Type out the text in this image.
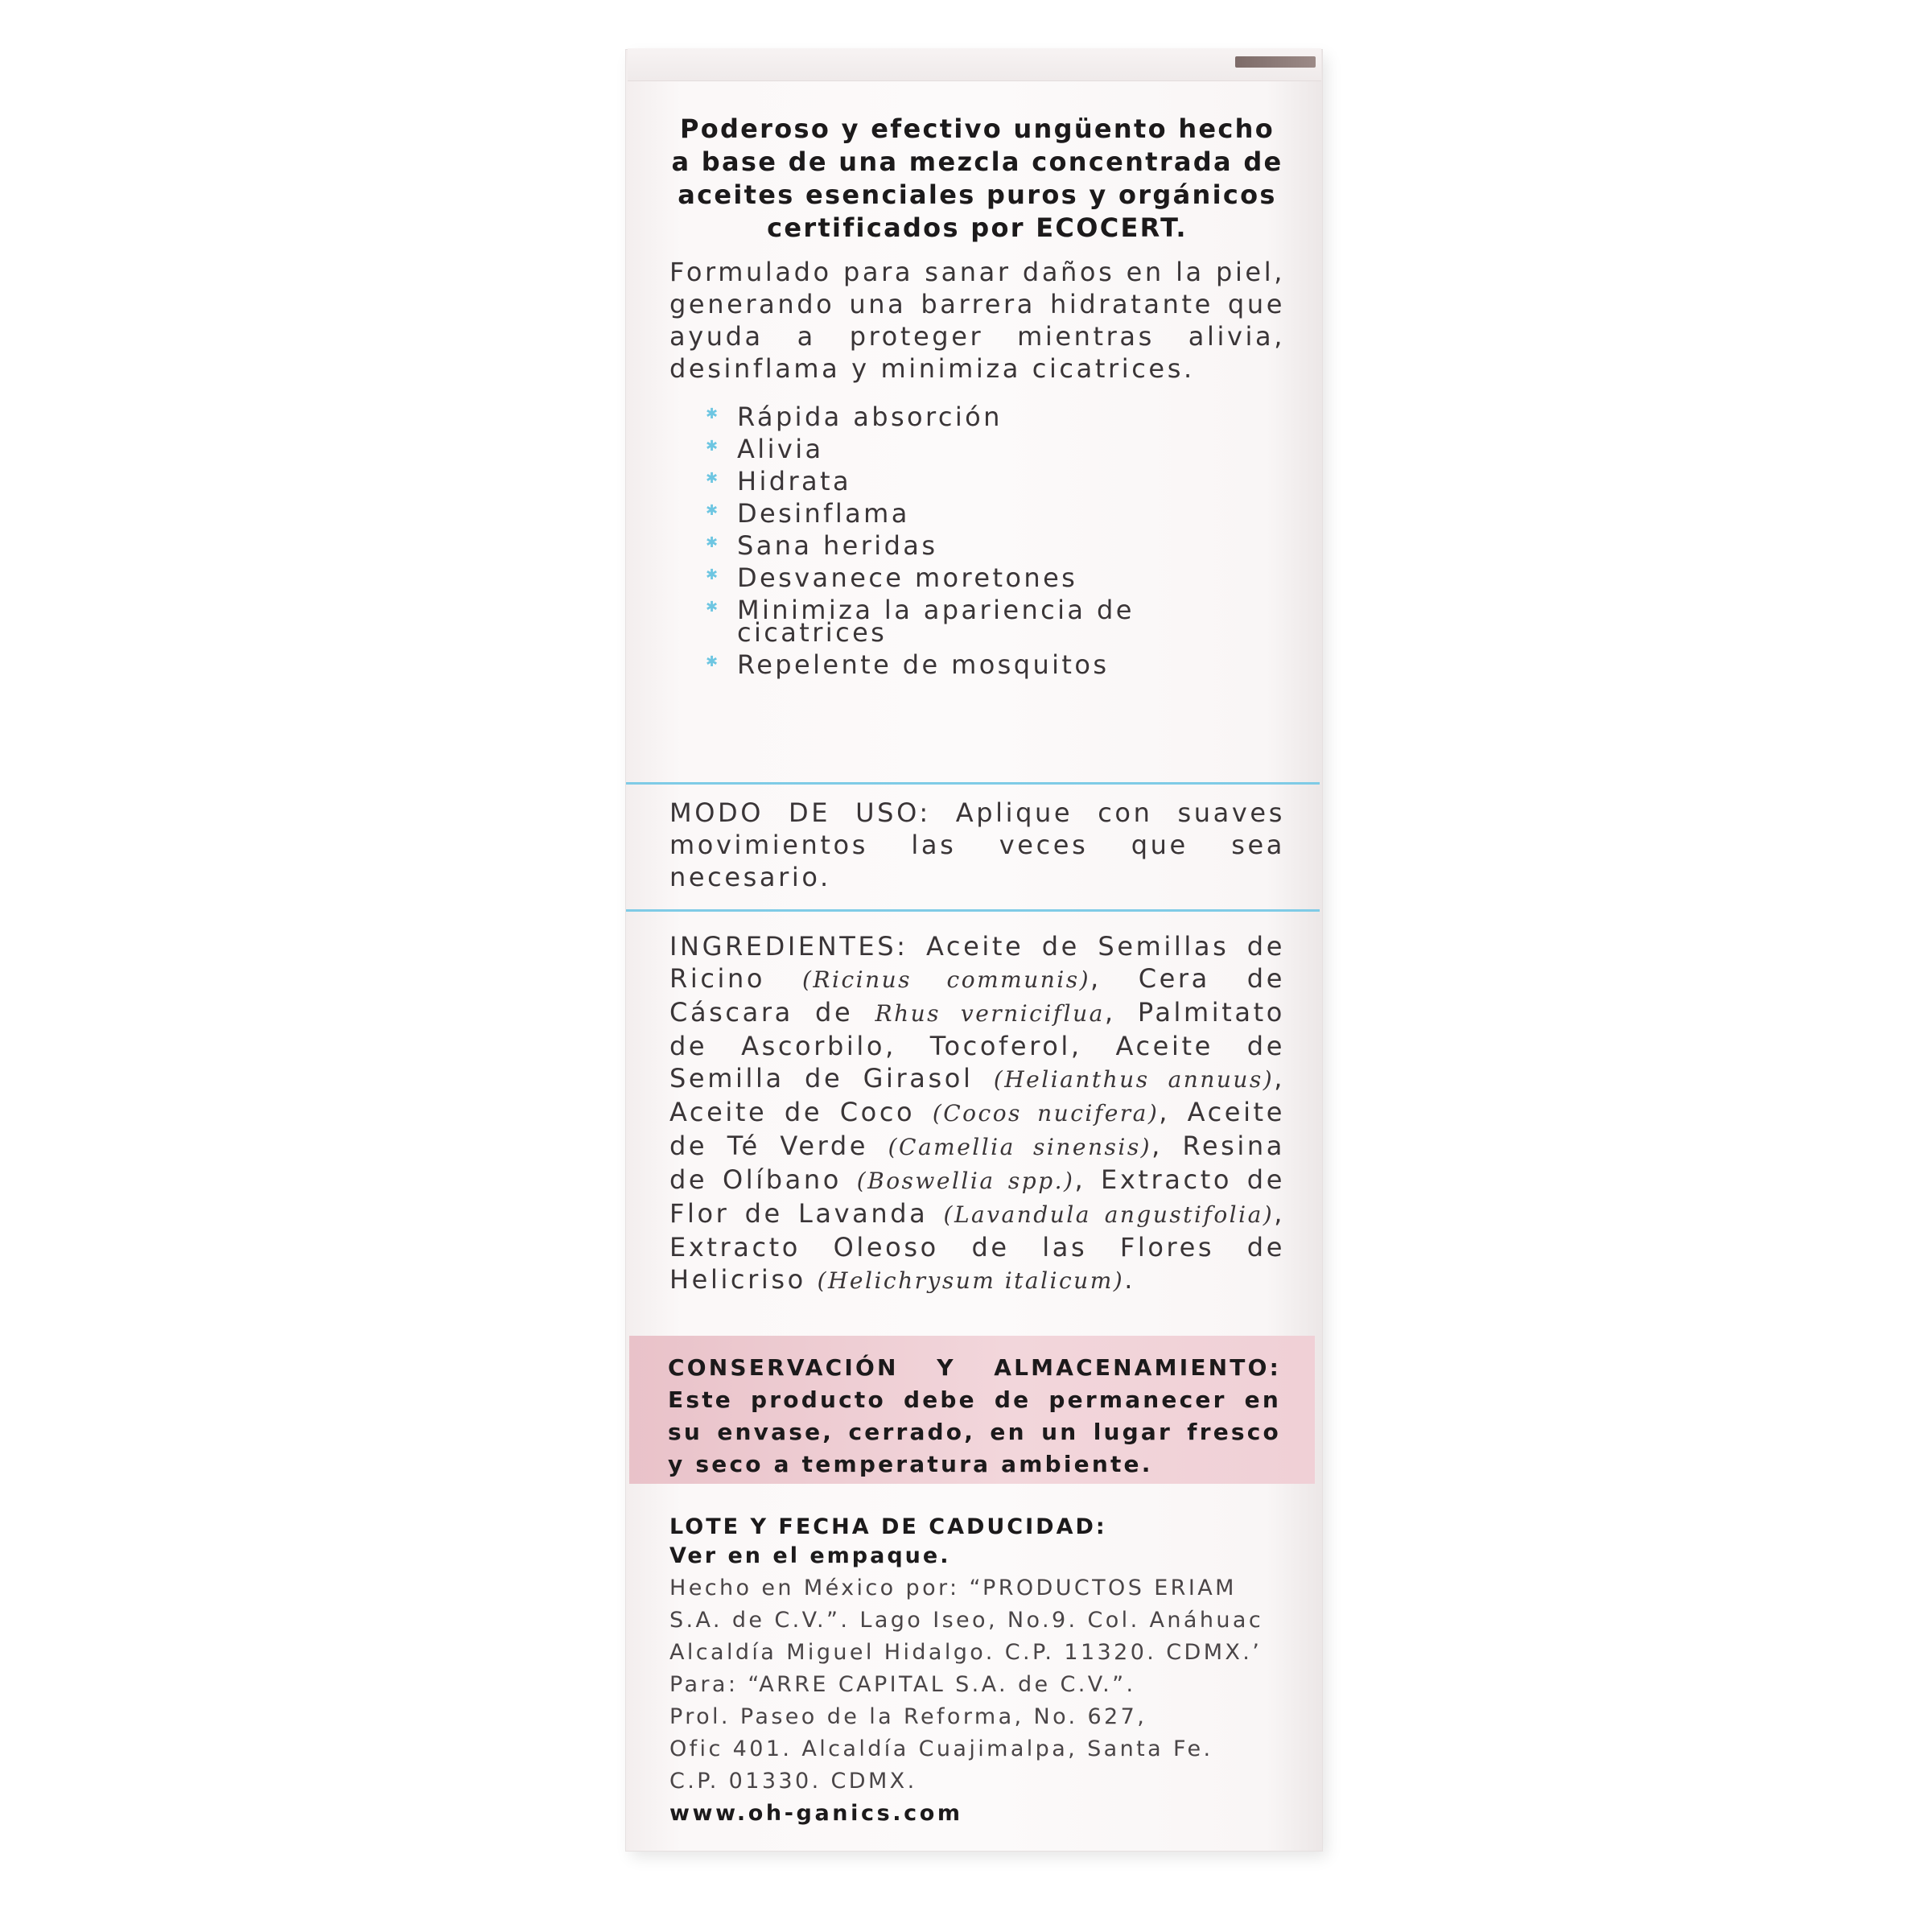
Poderoso y efectivo ungüento hecho a base de una mezcla concentrada de aceites esenciales puros y orgánicos certificados por ECOCERT.

Formulado para sanar daños en la piel, generando una barrera hidratante que ayuda a proteger mientras alivia, desinflama y minimiza cicatrices.

✱ Rápida absorción
✱ Alivia
✱ Hidrata
✱ Desinflama
✱ Sana heridas
✱ Desvanece moretones
✱ Minimiza la apariencia de cicatrices
✱ Repelente de mosquitos
MODO DE USO: Aplique con suaves movimientos las veces que sea necesario.
INGREDIENTES: Aceite de Semillas de Ricino (Ricinus communis), Cera de Cáscara de Rhus verniciflua, Palmitato de Ascorbilo, Tocoferol, Aceite de Semilla de Girasol (Helianthus annuus), Aceite de Coco (Cocos nucifera), Aceite de Té Verde (Camellia sinensis), Resina de Olíbano (Boswellia spp.), Extracto de Flor de Lavanda (Lavandula angustifolia), Extracto Oleoso de las Flores de Helicriso (Helichrysum italicum).

CONSERVACIÓN Y ALMACENAMIENTO: Este producto debe de permanecer en su envase, cerrado, en un lugar fresco y seco a temperatura ambiente.

LOTE Y FECHA DE CADUCIDAD:

Ver en el empaque.

Hecho en México por: “PRODUCTOS ERIAM

S.A. de C.V.”. Lago Iseo, No.9. Col. Anáhuac

Alcaldía Miguel Hidalgo. C.P. 11320. CDMX.’

Para: “ARRE CAPITAL S.A. de C.V.”.

Prol. Paseo de la Reforma, No. 627,

Ofic 401. Alcaldía Cuajimalpa, Santa Fe.

C.P. 01330. CDMX.

www.oh-ganics.com
